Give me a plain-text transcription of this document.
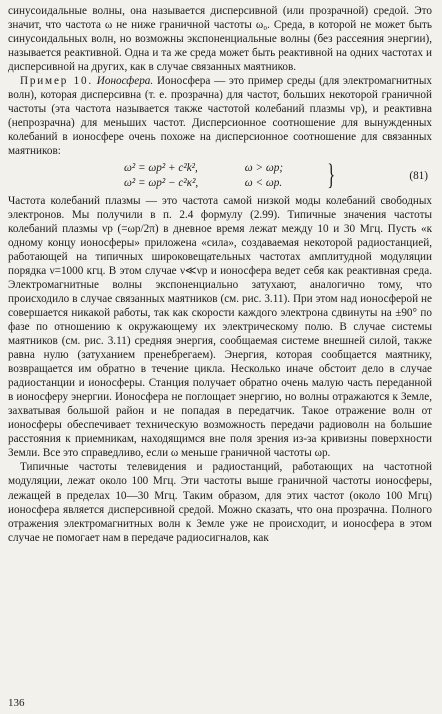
синусоидальные волны, она называется дисперсивной (или прозрачной) средой. Это значит, что частота ω не ниже граничной частоты ω₀. Среда, в которой не может быть синусоидальных волн, но возможны экспоненциальные волны (без рассеяния энергии), называется реактивной. Одна и та же среда может быть реактивной на одних частотах и дисперсивной на других, как в случае связанных маятников.

Пример 10. Ионосфера. Ионосфера — это пример среды (для электромагнитных волн), которая дисперсивна (т. е. прозрачна) для частот, больших некоторой граничной частоты (эта частота называется также частотой колебаний плазмы νp), и реактивна (непрозрачна) для меньших частот. Дисперсионное соотношение для вынужденных колебаний в ионосфере очень похоже на дисперсионное соотношение для связанных маятников:

ω² = ωp² + c²k²,	ω > ωp;
ω² = ωp² − c²κ²,	ω < ωp. }	(81)

Частота колебаний плазмы — это частота самой низкой моды колебаний свободных электронов. Мы получили в п. 2.4 формулу (2.99). Типичные значения частоты колебаний плазмы νp (=ωp/2π) в дневное время лежат между 10 и 30 Мгц. Пусть «к одному концу ионосферы» приложена «сила», создаваемая некоторой радиостанцией, работающей на типичных широковещательных частотах амплитудной модуляции порядка ν=1000 кгц. В этом случае ν≪νp и ионосфера ведет себя как реактивная среда. Электромагнитные волны экспоненциально затухают, аналогично тому, что происходило в случае связанных маятников (см. рис. 3.11). При этом над ионосферой не совершается никакой работы, так как скорости каждого электрона сдвинуты на ±90° по фазе по отношению к окружающему их электрическому полю. В случае системы маятников (см. рис. 3.11) средняя энергия, сообщаемая системе внешней силой, также равна нулю (затуханием пренебрегаем). Энергия, которая сообщается маятнику, возвращается им обратно в течение цикла. Несколько иначе обстоит дело в случае радиостанции и ионосферы. Станция получает обратно очень малую часть переданной в ионосферу энергии. Ионосфера не поглощает энергию, но волны отражаются к Земле, захватывая большой район и не попадая в передатчик. Такое отражение волн от ионосферы обеспечивает техническую возможность передачи радиоволн на большие расстояния к приемникам, находящимся вне поля зрения из-за кривизны поверхности Земли. Все это справедливо, если ω меньше граничной частоты ωp.

Типичные частоты телевидения и радиостанций, работающих на частотной модуляции, лежат около 100 Мгц. Эти частоты выше граничной частоты ионосферы, лежащей в пределах 10—30 Мгц. Таким образом, для этих частот (около 100 Мгц) ионосфера является дисперсивной средой. Можно сказать, что она прозрачна. Полного отражения электромагнитных волн к Земле уже не происходит, и ионосфера в этом случае не помогает нам в передаче радиосигналов, как

136
